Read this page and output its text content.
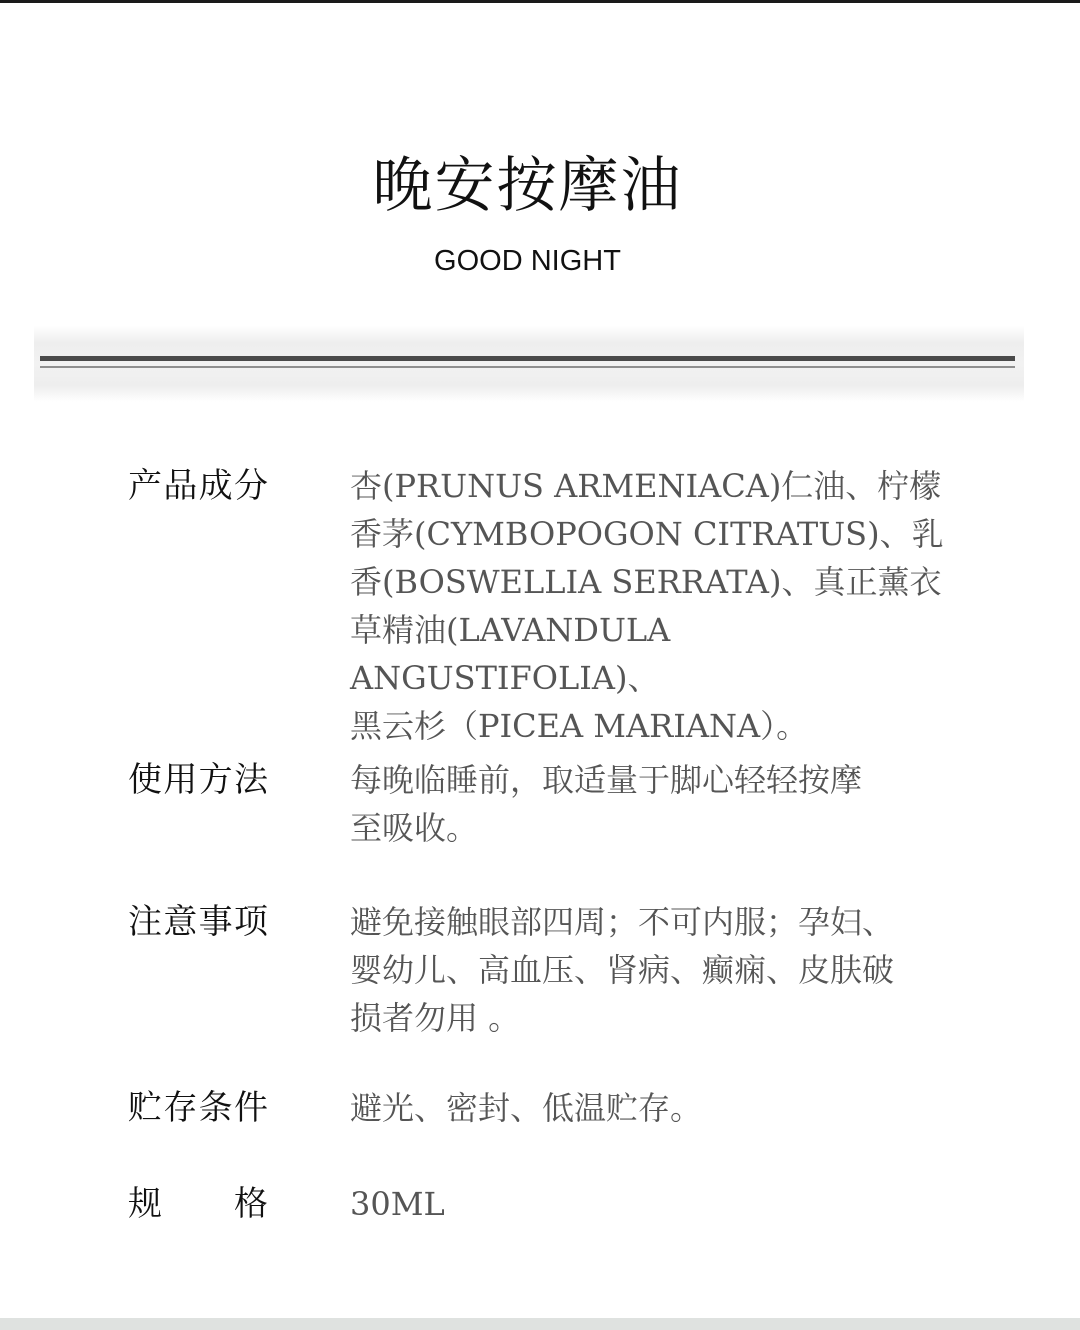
晚安按摩油
GOOD NIGHT
产品成分	杏(PRUNUS ARMENIACA)仁油、柠檬
香茅(CYMBOPOGON CITRATUS)、乳
香(BOSWELLIA SERRATA)、真正薰衣
草精油(LAVANDULA ANGUSTIFOLIA)、
黑云杉（PICEA MARIANA）。
使用方法	每晚临睡前，取适量于脚心轻轻按摩
至吸收。
注意事项	避免接触眼部四周；不可内服；孕妇、
婴幼儿、高血压、肾病、癫痫、皮肤破
损者勿用 。
贮存条件	避光、密封、低温贮存。
规　　格	30ML
